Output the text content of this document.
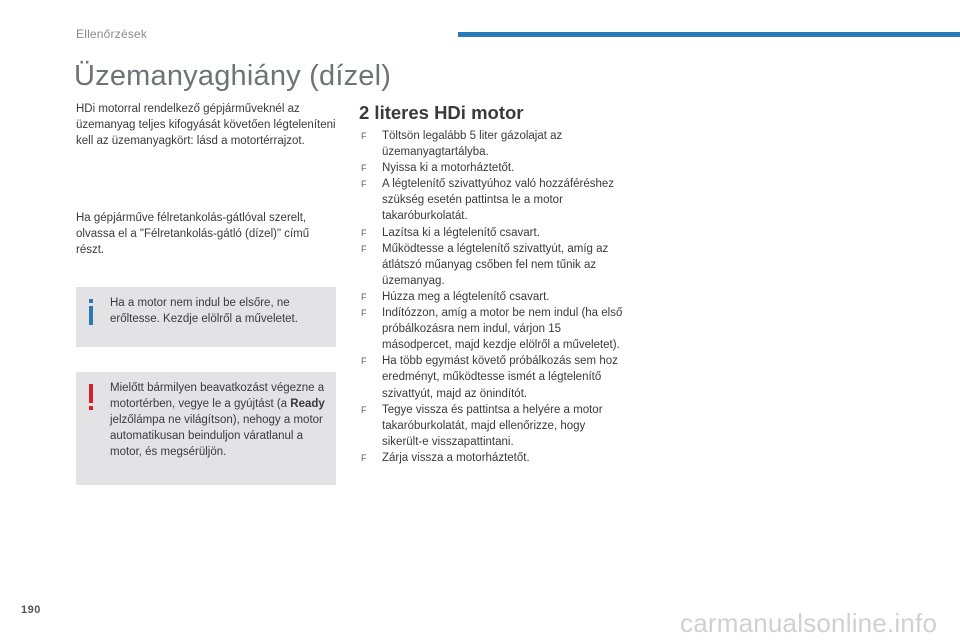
Ellenőrzések
Üzemanyaghiány (dízel)

HDi motorral rendelkező gépjárműveknél az üzemanyag teljes kifogyását követően légteleníteni kell az üzemanyagkört: lásd a motortérrajzot.

Ha gépjárműve félretankolás-gátlóval szerelt, olvassa el a "Félretankolás-gátló (dízel)" című részt.

Ha a motor nem indul be elsőre, ne erőltesse. Kezdje elölről a műveletet.

Mielőtt bármilyen beavatkozást végezne a motortérben, vegye le a gyújtást (a Ready jelzőlámpa ne világítson), nehogy a motor automatikusan beinduljon váratlanul a motor, és megsérüljön.

2 literes HDi motor
F Töltsön legalább 5 liter gázolajat az üzemanyagtartályba.
F Nyissa ki a motorháztetőt.
F A légtelenítő szivattyúhoz való hozzáféréshez szükség esetén pattintsa le a motor takaróburkolatát.
F Lazítsa ki a légtelenítő csavart.
F Működtesse a légtelenítő szivattyút, amíg az átlátszó műanyag csőben fel nem tűnik az üzemanyag.
F Húzza meg a légtelenítő csavart.
F Indítózzon, amíg a motor be nem indul (ha első próbálkozásra nem indul, várjon 15 másodpercet, majd kezdje elölről a műveletet).
F Ha több egymást követő próbálkozás sem hoz eredményt, működtesse ismét a légtelenítő szivattyút, majd az önindítót.
F Tegye vissza és pattintsa a helyére a motor takaróburkolatát, majd ellenőrizze, hogy sikerült-e visszapattintani.
F Zárja vissza a motorháztetőt.
190	carmanualsonline.info
